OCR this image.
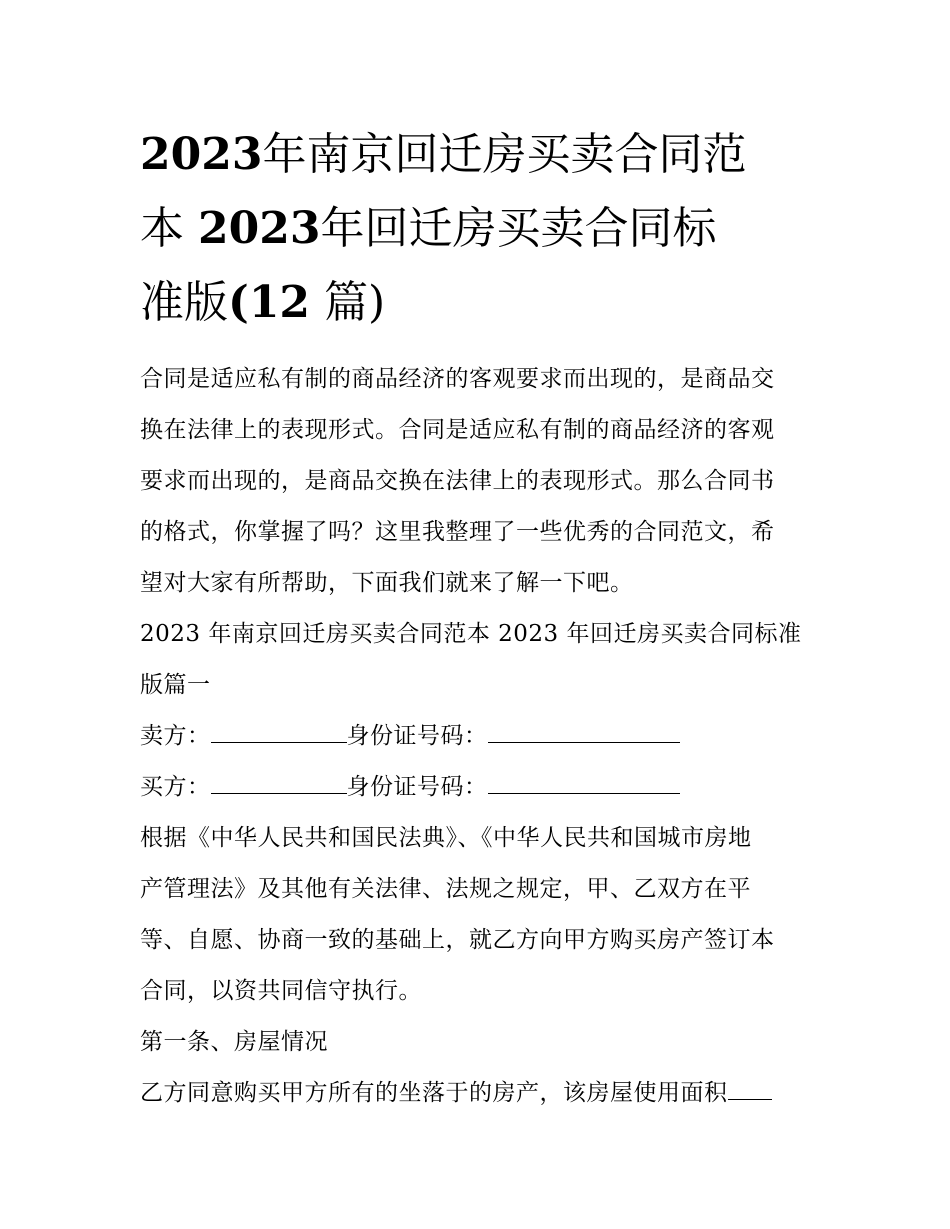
2023年南京回迁房买卖合同范
本 2023年回迁房买卖合同标
准版(12 篇)

合同是适应私有制的商品经济的客观要求而出现的，是商品交

换在法律上的表现形式。合同是适应私有制的商品经济的客观

要求而出现的，是商品交换在法律上的表现形式。那么合同书

的格式，你掌握了吗？这里我整理了一些优秀的合同范文，希

望对大家有所帮助，下面我们就来了解一下吧。

2023 年南京回迁房买卖合同范本 2023 年回迁房买卖合同标准

版篇一

卖方：	身份证号码：

买方：	身份证号码：

根据《中华人民共和国民法典》、《中华人民共和国城市房地

产管理法》及其他有关法律、法规之规定，甲、乙双方在平

等、自愿、协商一致的基础上，就乙方向甲方购买房产签订本

合同，以资共同信守执行。

第一条、房屋情况

乙方同意购买甲方所有的坐落于的房产，该房屋使用面积
